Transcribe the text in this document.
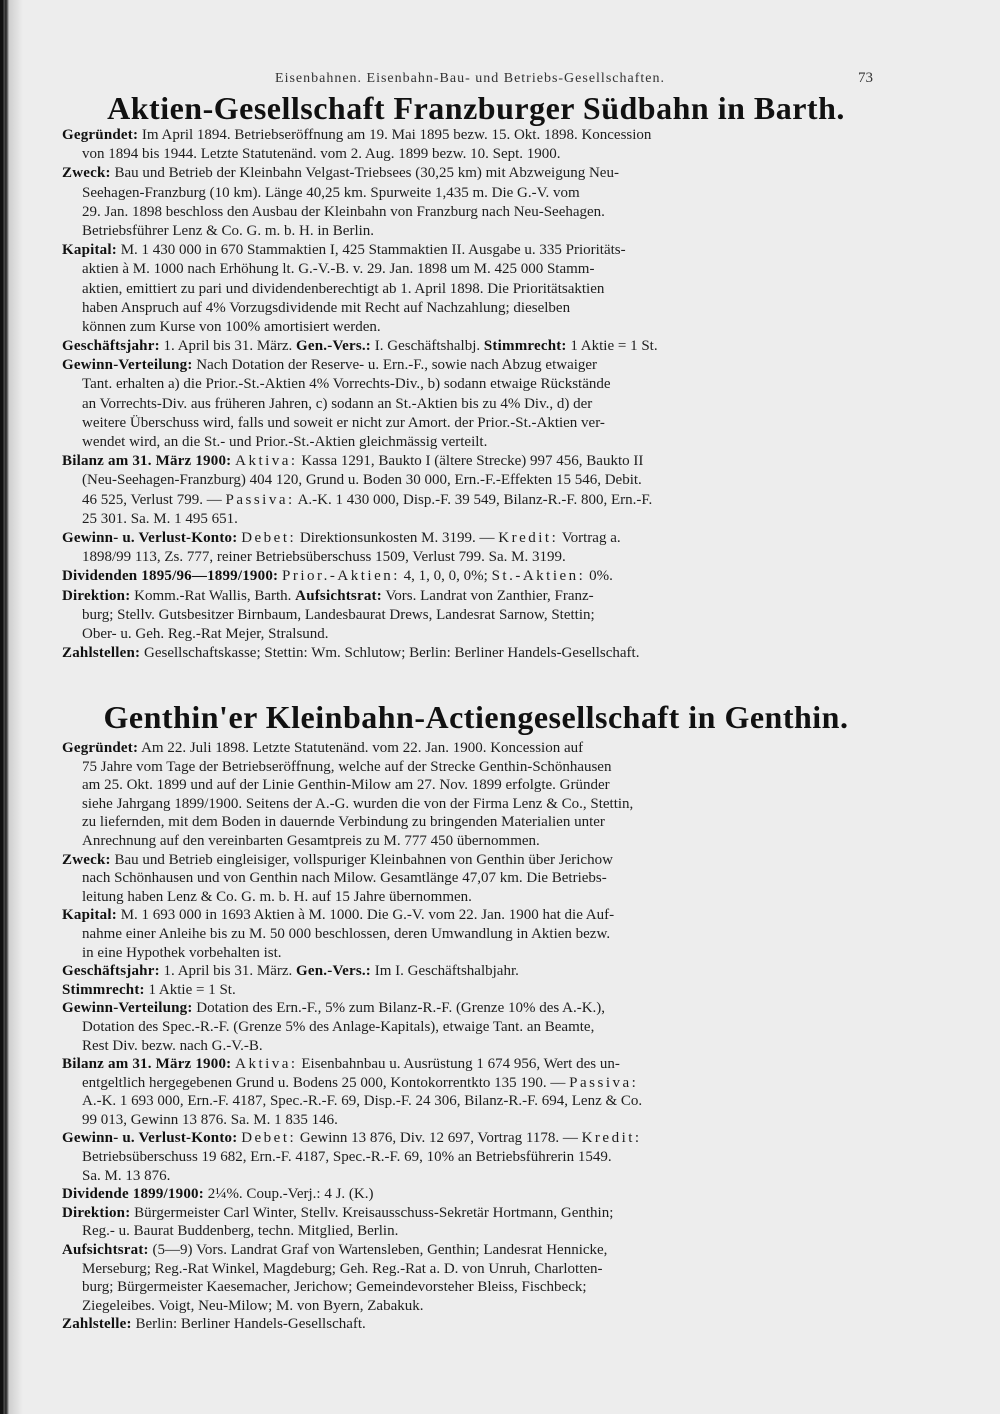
Eisenbahnen. Eisenbahn-Bau- und Betriebs-Gesellschaften.	73
Aktien-Gesellschaft Franzburger Südbahn in Barth.
Gegründet: Im April 1894. Betriebseröffnung am 19. Mai 1895 bezw. 15. Okt. 1898. Koncession
von 1894 bis 1944. Letzte Statutenänd. vom 2. Aug. 1899 bezw. 10. Sept. 1900.
Zweck: Bau und Betrieb der Kleinbahn Velgast-Triebsees (30,25 km) mit Abzweigung Neu-
Seehagen-Franzburg (10 km). Länge 40,25 km. Spurweite 1,435 m. Die G.-V. vom
29. Jan. 1898 beschloss den Ausbau der Kleinbahn von Franzburg nach Neu-Seehagen.
Betriebsführer Lenz & Co. G. m. b. H. in Berlin.
Kapital: M. 1 430 000 in 670 Stammaktien I, 425 Stammaktien II. Ausgabe u. 335 Prioritäts-
aktien à M. 1000 nach Erhöhung lt. G.-V.-B. v. 29. Jan. 1898 um M. 425 000 Stamm-
aktien, emittiert zu pari und dividendenberechtigt ab 1. April 1898. Die Prioritätsaktien
haben Anspruch auf 4% Vorzugsdividende mit Recht auf Nachzahlung; dieselben
können zum Kurse von 100% amortisiert werden.
Geschäftsjahr: 1. April bis 31. März. Gen.-Vers.: I. Geschäftshalbj. Stimmrecht: 1 Aktie = 1 St.
Gewinn-Verteilung: Nach Dotation der Reserve- u. Ern.-F., sowie nach Abzug etwaiger
Tant. erhalten a) die Prior.-St.-Aktien 4% Vorrechts-Div., b) sodann etwaige Rückstände
an Vorrechts-Div. aus früheren Jahren, c) sodann an St.-Aktien bis zu 4% Div., d) der
weitere Überschuss wird, falls und soweit er nicht zur Amort. der Prior.-St.-Aktien ver-
wendet wird, an die St.- und Prior.-St.-Aktien gleichmässig verteilt.
Bilanz am 31. März 1900: Aktiva: Kassa 1291, Baukto I (ältere Strecke) 997 456, Baukto II
(Neu-Seehagen-Franzburg) 404 120, Grund u. Boden 30 000, Ern.-F.-Effekten 15 546, Debit.
46 525, Verlust 799. — Passiva: A.-K. 1 430 000, Disp.-F. 39 549, Bilanz-R.-F. 800, Ern.-F.
25 301. Sa. M. 1 495 651.
Gewinn- u. Verlust-Konto: Debet: Direktionsunkosten M. 3199. — Kredit: Vortrag a.
1898/99 113, Zs. 777, reiner Betriebsüberschuss 1509, Verlust 799. Sa. M. 3199.
Dividenden 1895/96—1899/1900: Prior.-Aktien: 4, 1, 0, 0, 0%; St.-Aktien: 0%.
Direktion: Komm.-Rat Wallis, Barth. Aufsichtsrat: Vors. Landrat von Zanthier, Franz-
burg; Stellv. Gutsbesitzer Birnbaum, Landesbaurat Drews, Landesrat Sarnow, Stettin;
Ober- u. Geh. Reg.-Rat Mejer, Stralsund.
Zahlstellen: Gesellschaftskasse; Stettin: Wm. Schlutow; Berlin: Berliner Handels-Gesellschaft.
Genthin'er Kleinbahn-Actiengesellschaft in Genthin.
Gegründet: Am 22. Juli 1898. Letzte Statutenänd. vom 22. Jan. 1900. Koncession auf
75 Jahre vom Tage der Betriebseröffnung, welche auf der Strecke Genthin-Schönhausen
am 25. Okt. 1899 und auf der Linie Genthin-Milow am 27. Nov. 1899 erfolgte. Gründer
siehe Jahrgang 1899/1900. Seitens der A.-G. wurden die von der Firma Lenz & Co., Stettin,
zu liefernden, mit dem Boden in dauernde Verbindung zu bringenden Materialien unter
Anrechnung auf den vereinbarten Gesamtpreis zu M. 777 450 übernommen.
Zweck: Bau und Betrieb eingleisiger, vollspuriger Kleinbahnen von Genthin über Jerichow
nach Schönhausen und von Genthin nach Milow. Gesamtlänge 47,07 km. Die Betriebs-
leitung haben Lenz & Co. G. m. b. H. auf 15 Jahre übernommen.
Kapital: M. 1 693 000 in 1693 Aktien à M. 1000. Die G.-V. vom 22. Jan. 1900 hat die Auf-
nahme einer Anleihe bis zu M. 50 000 beschlossen, deren Umwandlung in Aktien bezw.
in eine Hypothek vorbehalten ist.
Geschäftsjahr: 1. April bis 31. März. Gen.-Vers.: Im I. Geschäftshalbjahr.
Stimmrecht: 1 Aktie = 1 St.
Gewinn-Verteilung: Dotation des Ern.-F., 5% zum Bilanz-R.-F. (Grenze 10% des A.-K.),
Dotation des Spec.-R.-F. (Grenze 5% des Anlage-Kapitals), etwaige Tant. an Beamte,
Rest Div. bezw. nach G.-V.-B.
Bilanz am 31. März 1900: Aktiva: Eisenbahnbau u. Ausrüstung 1 674 956, Wert des un-
entgeltlich hergegebenen Grund u. Bodens 25 000, Kontokorrentkto 135 190. — Passiva:
A.-K. 1 693 000, Ern.-F. 4187, Spec.-R.-F. 69, Disp.-F. 24 306, Bilanz-R.-F. 694, Lenz & Co.
99 013, Gewinn 13 876. Sa. M. 1 835 146.
Gewinn- u. Verlust-Konto: Debet: Gewinn 13 876, Div. 12 697, Vortrag 1178. — Kredit:
Betriebsüberschuss 19 682, Ern.-F. 4187, Spec.-R.-F. 69, 10% an Betriebsführerin 1549.
Sa. M. 13 876.
Dividende 1899/1900: 2¼%. Coup.-Verj.: 4 J. (K.)
Direktion: Bürgermeister Carl Winter, Stellv. Kreisausschuss-Sekretär Hortmann, Genthin;
Reg.- u. Baurat Buddenberg, techn. Mitglied, Berlin.
Aufsichtsrat: (5—9) Vors. Landrat Graf von Wartensleben, Genthin; Landesrat Hennicke,
Merseburg; Reg.-Rat Winkel, Magdeburg; Geh. Reg.-Rat a. D. von Unruh, Charlotten-
burg; Bürgermeister Kaesemacher, Jerichow; Gemeindevorsteher Bleiss, Fischbeck;
Ziegeleibes. Voigt, Neu-Milow; M. von Byern, Zabakuk.
Zahlstelle: Berlin: Berliner Handels-Gesellschaft.
